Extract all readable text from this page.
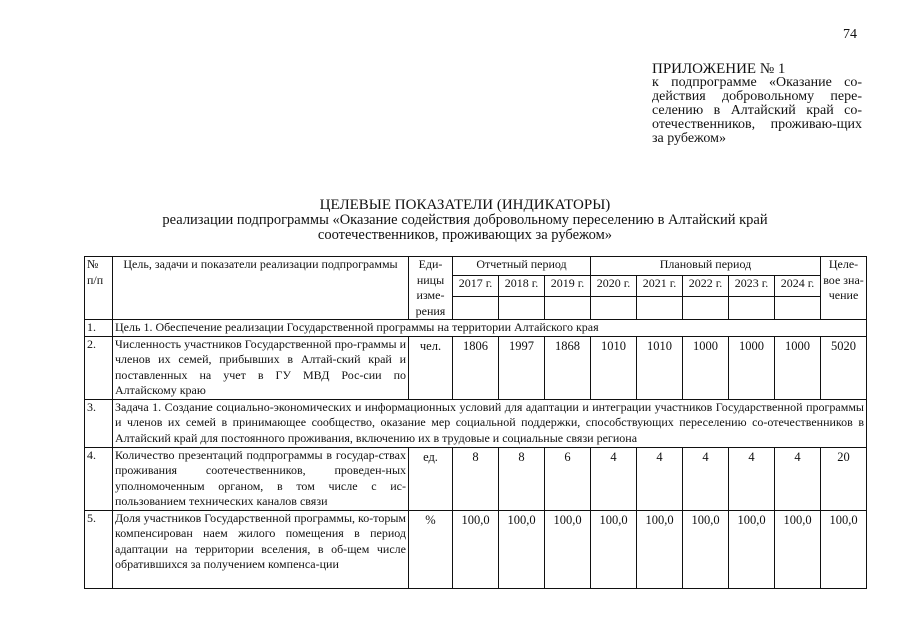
74
ПРИЛОЖЕНИЕ № 1
к подпрограмме «Оказание со-действия добровольному пере-селению в Алтайский край со-отечественников, проживаю-щих за рубежом»
ЦЕЛЕВЫЕ ПОКАЗАТЕЛИ (ИНДИКАТОРЫ)
реализации подпрограммы «Оказание содействия добровольному переселению в Алтайский край
соотечественников, проживающих за рубежом»
№ п/п	Цель, задачи и показатели реализации подпрограммы	Еди-ницы изме-рения	Отчетный период			Плановый период					Целе-вое зна-чение
			2017 г.	2018 г.	2019 г.	2020 г.	2021 г.	2022 г.	2023 г.	2024 г.	

1.	Цель 1. Обеспечение реализации Государственной программы на территории Алтайского края										
2.	Численность участников Государственной про-граммы и членов их семей, прибывших в Алтай-ский край и поставленных на учет в ГУ МВД Рос-сии по Алтайскому краю	чел.	1806	1997	1868	1010	1010	1000	1000	1000	5020
3.	Задача 1. Создание социально-экономических и информационных условий для адаптации и интеграции участников Государственной программы и членов их семей в принимающее сообщество, оказание мер социальной поддержки, способствующих переселению со-отечественников в Алтайский край для постоянного проживания, включению их в трудовые и социальные связи региона										
4.	Количество презентаций подпрограммы в государ-ствах проживания соотечественников, проведен-ных уполномоченным органом, в том числе с ис-пользованием технических каналов связи	ед.	8	8	6	4	4	4	4	4	20
5.	Доля участников Государственной программы, ко-торым компенсирован наем жилого помещения в период адаптации на территории вселения, в об-щем числе обратившихся за получением компенса-ции	%	100,0	100,0	100,0	100,0	100,0	100,0	100,0	100,0	100,0
